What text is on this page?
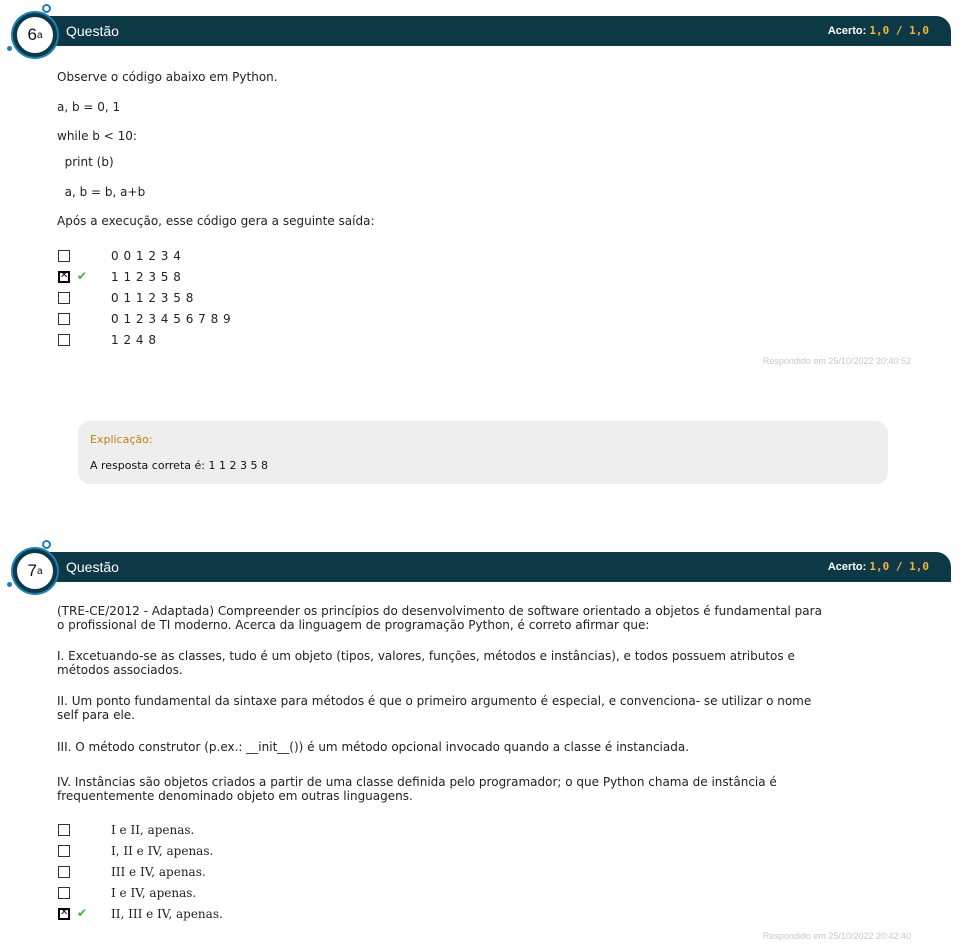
Questão	Acerto: 1,0 / 1,0
6 a
Observe o código abaixo em Python.
a, b = 0, 1
while b < 10:
print (b)
a, b = b, a+b
Após a execução, esse código gera a seguinte saída:
0 0 1 2 3 4
✕
✔ 1 1 2 3 5 8
0 1 1 2 3 5 8
0 1 2 3 4 5 6 7 8 9
1 2 4 8
Respondido em 25/10/2022 20:40:52
Explicação:
A resposta correta é: 1 1 2 3 5 8
Questão	Acerto: 1,0 / 1,0
7 a
(TRE-CE/2012 - Adaptada) Compreender os princípios do desenvolvimento de software orientado a objetos é fundamental para
o profissional de TI moderno. Acerca da linguagem de programação Python, é correto afirmar que:
I. Excetuando-se as classes, tudo é um objeto (tipos, valores, funções, métodos e instâncias), e todos possuem atributos e
métodos associados.
II. Um ponto fundamental da sintaxe para métodos é que o primeiro argumento é especial, e convenciona- se utilizar o nome
self para ele.
III. O método construtor (p.ex.: __init__()) é um método opcional invocado quando a classe é instanciada.
IV. Instâncias são objetos criados a partir de uma classe definida pelo programador; o que Python chama de instância é
frequentemente denominado objeto em outras linguagens.
I e II, apenas.
I, II e IV, apenas.
III e IV, apenas.
I e IV, apenas.
✕
✔ II, III e IV, apenas.
Respondido em 25/10/2022 20:42:40
